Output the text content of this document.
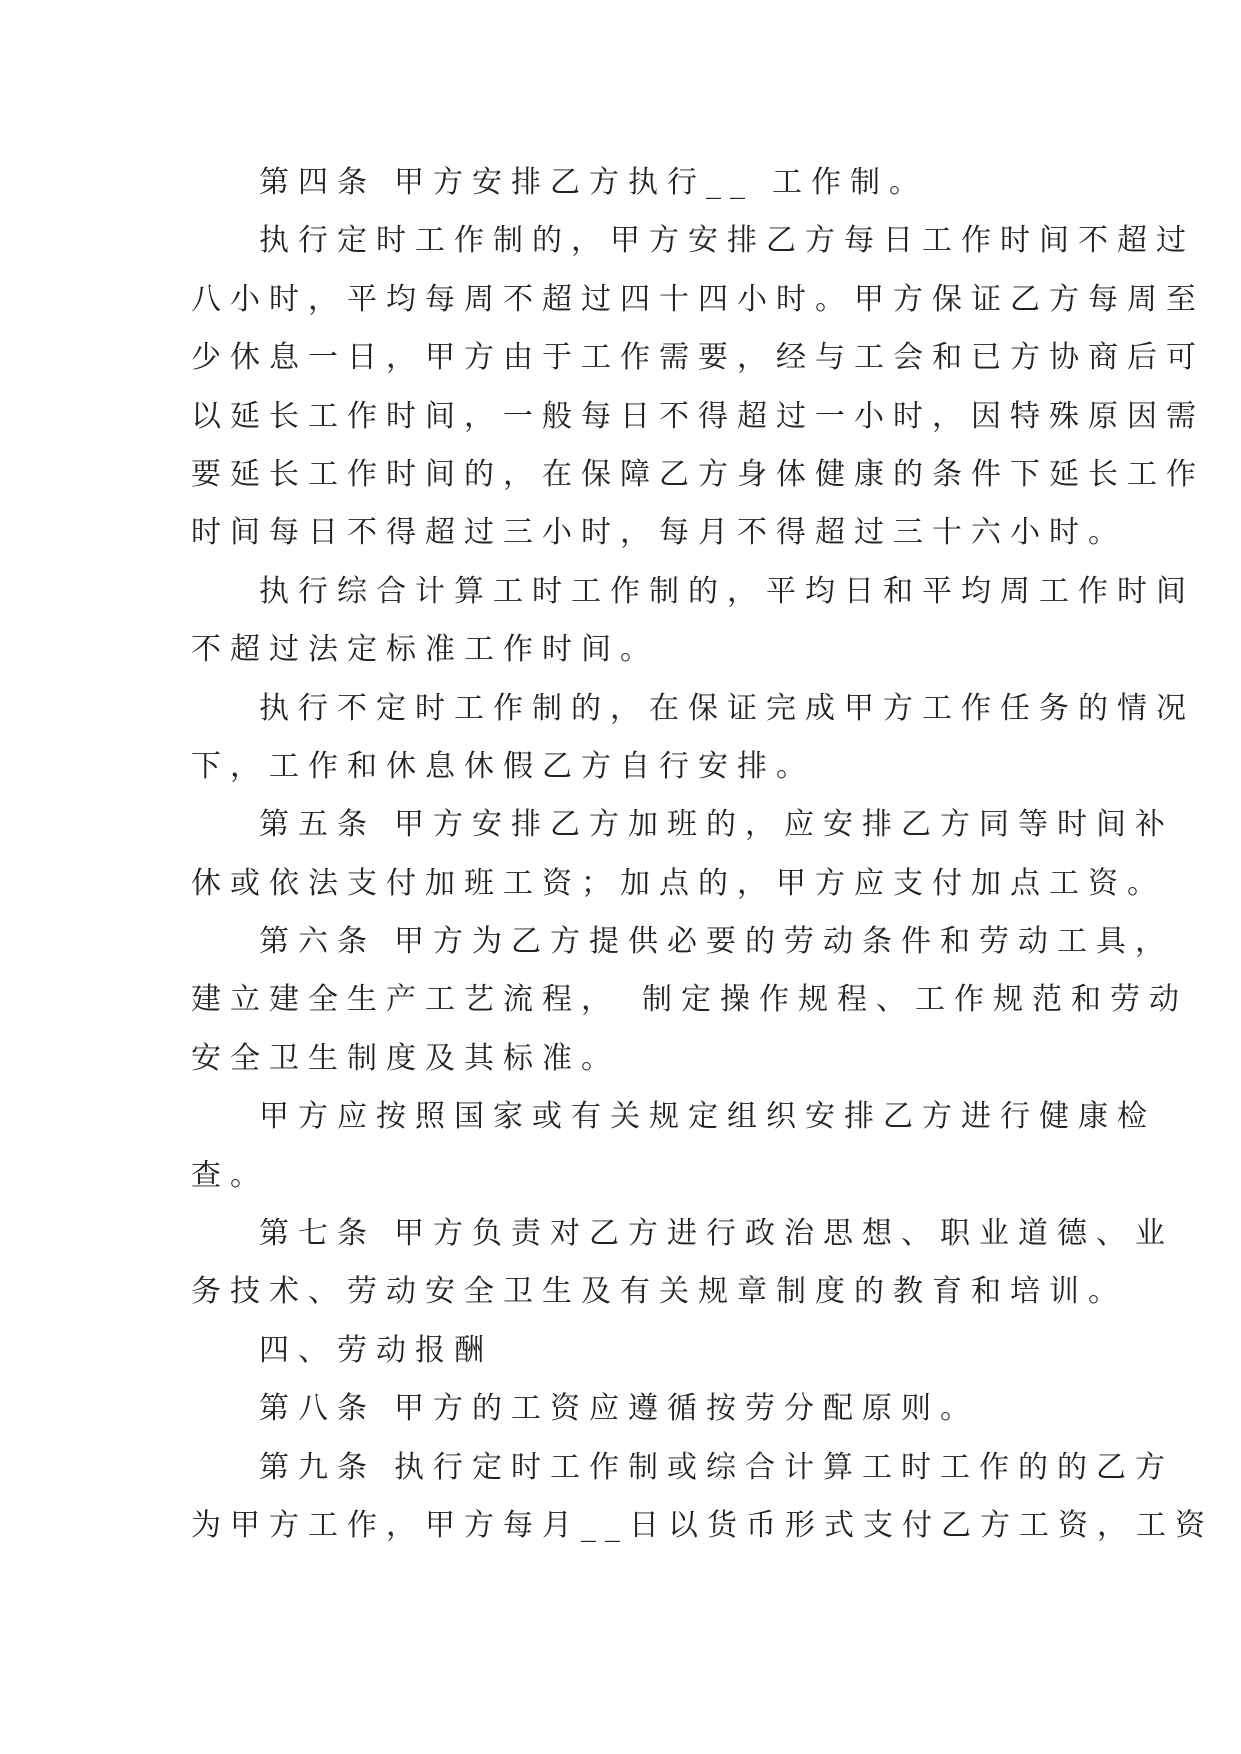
第四条 甲方安排乙方执行__ 工作制。
执行定时工作制的，甲方安排乙方每日工作时间不超过
八小时，平均每周不超过四十四小时。甲方保证乙方每周至
少休息一日，甲方由于工作需要，经与工会和已方协商后可
以延长工作时间，一般每日不得超过一小时，因特殊原因需
要延长工作时间的，在保障乙方身体健康的条件下延长工作
时间每日不得超过三小时，每月不得超过三十六小时。
执行综合计算工时工作制的，平均日和平均周工作时间
不超过法定标准工作时间。
执行不定时工作制的，在保证完成甲方工作任务的情况
下，工作和休息休假乙方自行安排。
第五条 甲方安排乙方加班的，应安排乙方同等时间补
休或依法支付加班工资；加点的，甲方应支付加点工资。
第六条 甲方为乙方提供必要的劳动条件和劳动工具，
建立建全生产工艺流程， 制定操作规程、工作规范和劳动
安全卫生制度及其标准。
甲方应按照国家或有关规定组织安排乙方进行健康检
查。
第七条 甲方负责对乙方进行政治思想、职业道德、业
务技术、劳动安全卫生及有关规章制度的教育和培训。
四、劳动报酬
第八条 甲方的工资应遵循按劳分配原则。
第九条 执行定时工作制或综合计算工时工作的的乙方
为甲方工作，甲方每月__日以货币形式支付乙方工资，工资
